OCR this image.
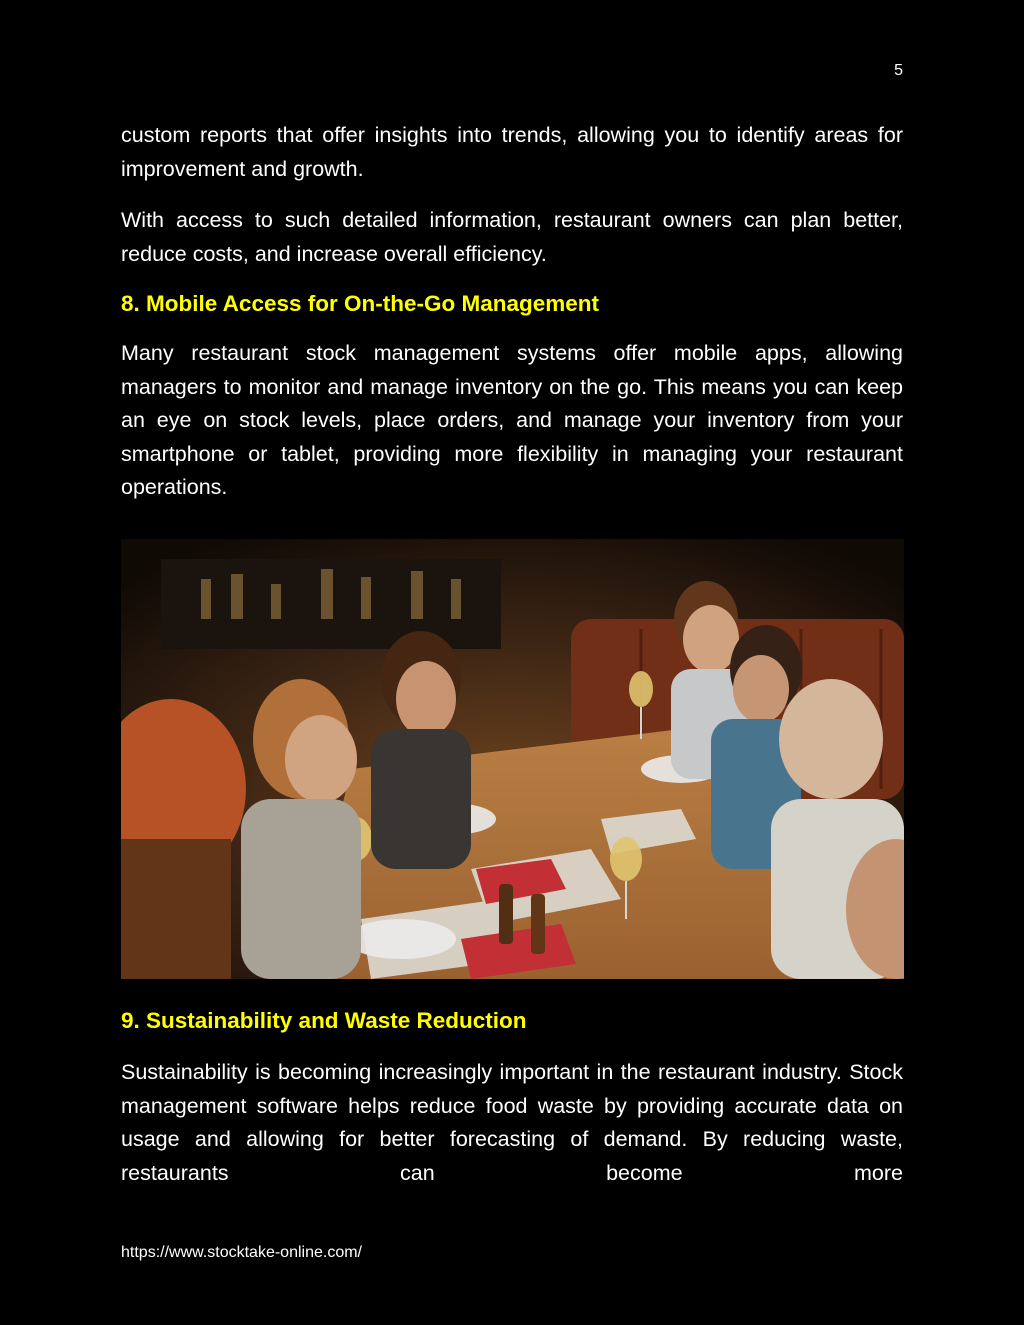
5

custom reports that offer insights into trends, allowing you to identify areas for improvement and growth.

With access to such detailed information, restaurant owners can plan better, reduce costs, and increase overall efficiency.

8. Mobile Access for On-the-Go Management

Many restaurant stock management systems offer mobile apps, allowing managers to monitor and manage inventory on the go. This means you can keep an eye on stock levels, place orders, and manage your inventory from your smartphone or tablet, providing more flexibility in managing your restaurant operations.

9. Sustainability and Waste Reduction

Sustainability is becoming increasingly important in the restaurant industry. Stock management software helps reduce food waste by providing accurate data on usage and allowing for better forecasting of demand. By reducing waste, restaurants can become more

https://www.stocktake-online.com/
